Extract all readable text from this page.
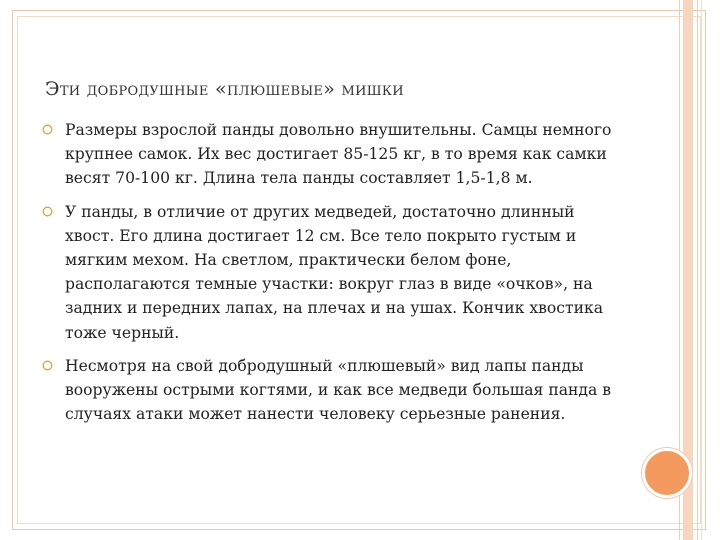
Эти добродушные «плюшевые» мишки
Размеры взрослой панды довольно внушительны. Самцы немного крупнее самок. Их вес достигает 85-125 кг, в то время как самки весят 70-100 кг. Длина тела панды составляет 1,5-1,8 м.
У панды, в отличие от других медведей, достаточно длинный хвост. Его длина достигает 12 см. Все тело покрыто густым и мягким мехом. На светлом, практически белом фоне, располагаются темные участки: вокруг глаз в виде «очков», на задних и передних лапах, на плечах и на ушах. Кончик хвостика тоже черный.
Несмотря на свой добродушный «плюшевый» вид лапы панды вооружены острыми когтями, и как все медведи большая панда в случаях атаки может нанести человеку серьезные ранения.
